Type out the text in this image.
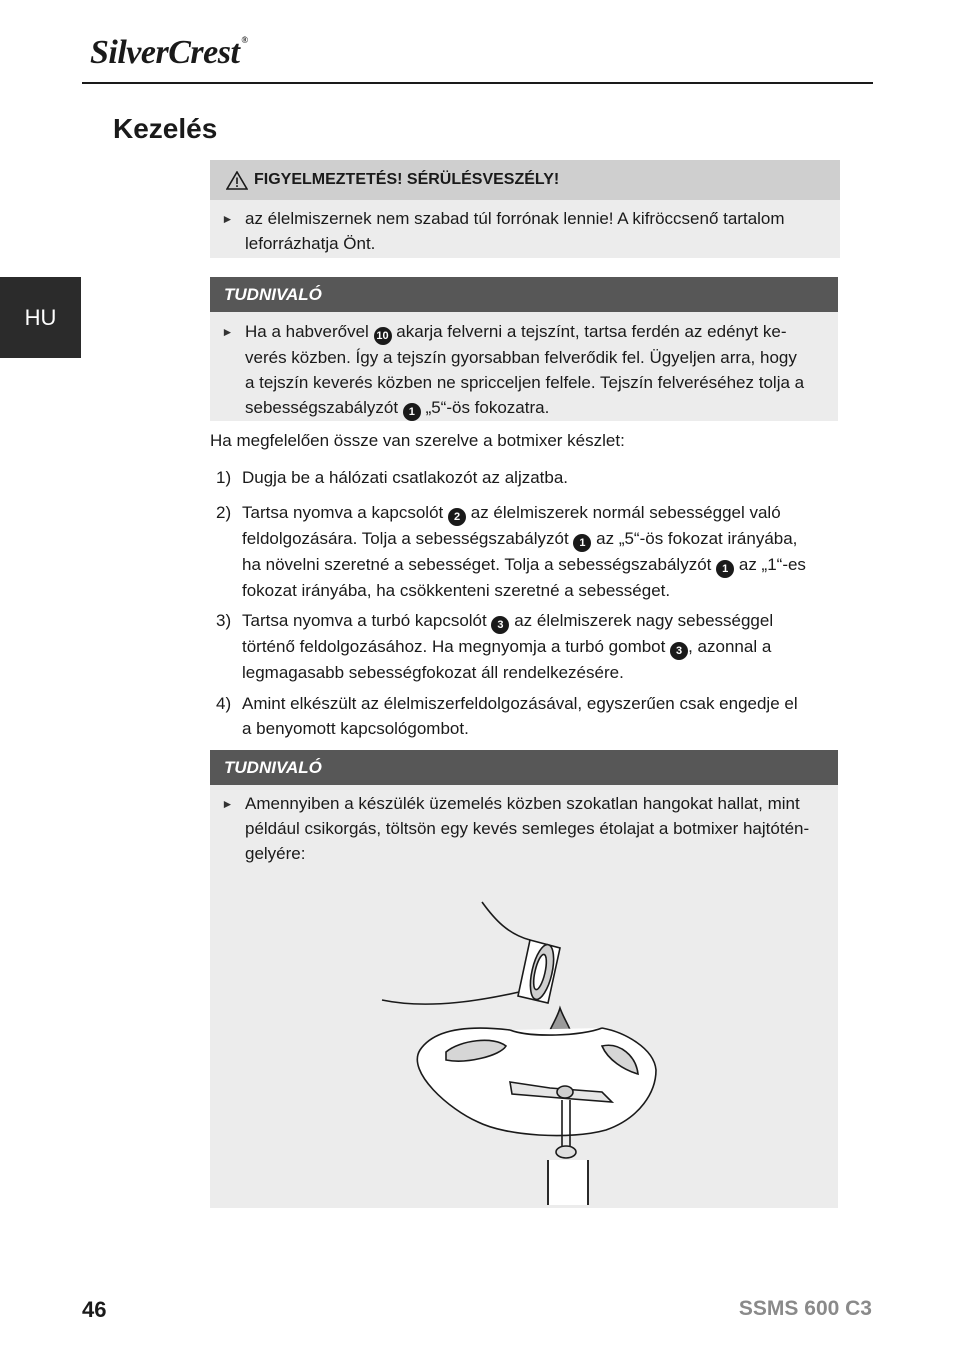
SilverCrest ®
Kezelés
HU
FIGYELMEZTETÉS! SÉRÜLÉSVESZÉLY!
► az élelmiszernek nem szabad túl forrónak lennie! A kifröccsenő tartalom leforrázhatja Önt.
TUDNIVALÓ
► Ha a habverővel 10 akarja felverni a tejszínt, tartsa ferdén az edényt ke-
verés közben. Így a tejszín gyorsabban felverődik fel. Ügyeljen arra, hogy
a tejszín keverés közben ne spricceljen felfele. Tejszín felveréséhez tolja a
sebességszabályzót 1 „5“-ös fokozatra.
Ha megfelelően össze van szerelve a botmixer készlet:
1) Dugja be a hálózati csatlakozót az aljzatba.
2) Tartsa nyomva a kapcsolót 2 az élelmiszerek normál sebességgel való
feldolgozására. Tolja a sebességszabályzót 1 az „5“-ös fokozat irányába,
ha növelni szeretné a sebességet. Tolja a sebességszabályzót 1 az „1“-es
fokozat irányába, ha csökkenteni szeretné a sebességet.
3) Tartsa nyomva a turbó kapcsolót 3 az élelmiszerek nagy sebességgel
történő feldolgozásához. Ha megnyomja a turbó gombot 3 , azonnal a
legmagasabb sebességfokozat áll rendelkezésére.
4) Amint elkészült az élelmiszerfeldolgozásával, egyszerűen csak engedje el
a benyomott kapcsológombot.
TUDNIVALÓ
► Amennyiben a készülék üzemelés közben szokatlan hangokat hallat, mint
például csikorgás, töltsön egy kevés semleges étolajat a botmixer hajtótén-
gelyére:
46	SSMS 600 C3
